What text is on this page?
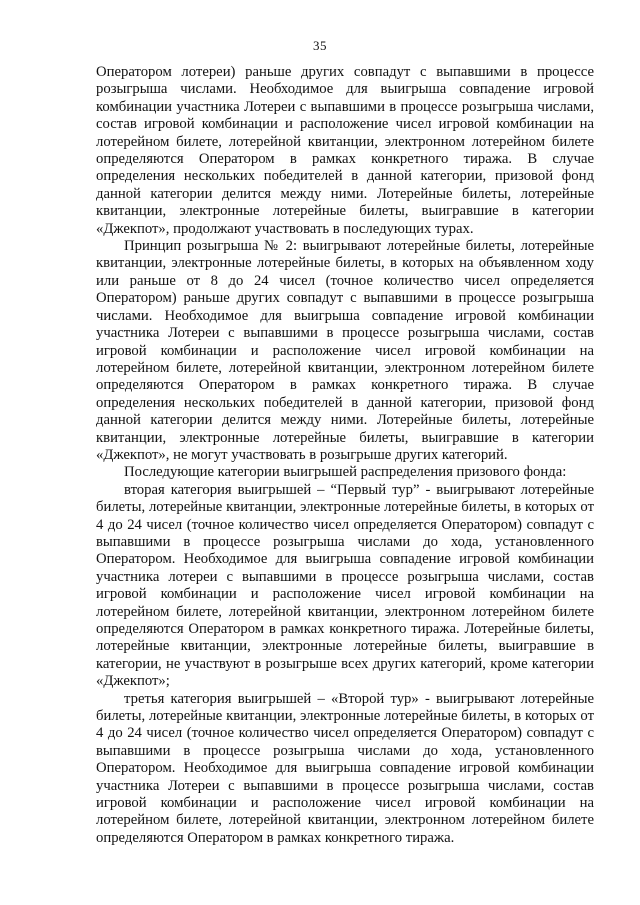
35

Оператором лотереи) раньше других совпадут с выпавшими в процессе розыгрыша числами. Необходимое для выигрыша совпадение игровой комбинации участника Лотереи с выпавшими в процессе розыгрыша числами, состав игровой комбинации и расположение чисел игровой комбинации на лотерейном билете, лотерейной квитанции, электронном лотерейном билете определяются Оператором в рамках конкретного тиража. В случае определения нескольких победителей в данной категории, призовой фонд данной категории делится между ними. Лотерейные билеты, лотерейные квитанции, электронные лотерейные билеты, выигравшие в категории «Джекпот», продолжают участвовать в последующих турах.

Принцип розыгрыша № 2: выигрывают лотерейные билеты, лотерейные квитанции, электронные лотерейные билеты, в которых на объявленном ходу или раньше от 8 до 24 чисел (точное количество чисел определяется Оператором) раньше других совпадут с выпавшими в процессе розыгрыша числами. Необходимое для выигрыша совпадение игровой комбинации участника Лотереи с выпавшими в процессе розыгрыша числами, состав игровой комбинации и расположение чисел игровой комбинации на лотерейном билете, лотерейной квитанции, электронном лотерейном билете определяются Оператором в рамках конкретного тиража. В случае определения нескольких победителей в данной категории, призовой фонд данной категории делится между ними. Лотерейные билеты, лотерейные квитанции, электронные лотерейные билеты, выигравшие в категории «Джекпот», не могут участвовать в розыгрыше других категорий.

Последующие категории выигрышей распределения призового фонда:

вторая категория выигрышей – “Первый тур” - выигрывают лотерейные билеты, лотерейные квитанции, электронные лотерейные билеты, в которых от 4 до 24 чисел (точное количество чисел определяется Оператором) совпадут с выпавшими в процессе розыгрыша числами до хода, установленного Оператором. Необходимое для выигрыша совпадение игровой комбинации участника лотереи с выпавшими в процессе розыгрыша числами, состав игровой комбинации и расположение чисел игровой комбинации на лотерейном билете, лотерейной квитанции, электронном лотерейном билете определяются Оператором в рамках конкретного тиража. Лотерейные билеты, лотерейные квитанции, электронные лотерейные билеты, выигравшие в категории, не участвуют в розыгрыше всех других категорий, кроме категории «Джекпот»;

третья категория выигрышей – «Второй тур» - выигрывают лотерейные билеты, лотерейные квитанции, электронные лотерейные билеты, в которых от 4 до 24 чисел (точное количество чисел определяется Оператором) совпадут с выпавшими в процессе розыгрыша числами до хода, установленного Оператором. Необходимое для выигрыша совпадение игровой комбинации участника Лотереи с выпавшими в процессе розыгрыша числами, состав игровой комбинации и расположение чисел игровой комбинации на лотерейном билете, лотерейной квитанции, электронном лотерейном билете определяются Оператором в рамках конкретного тиража.
